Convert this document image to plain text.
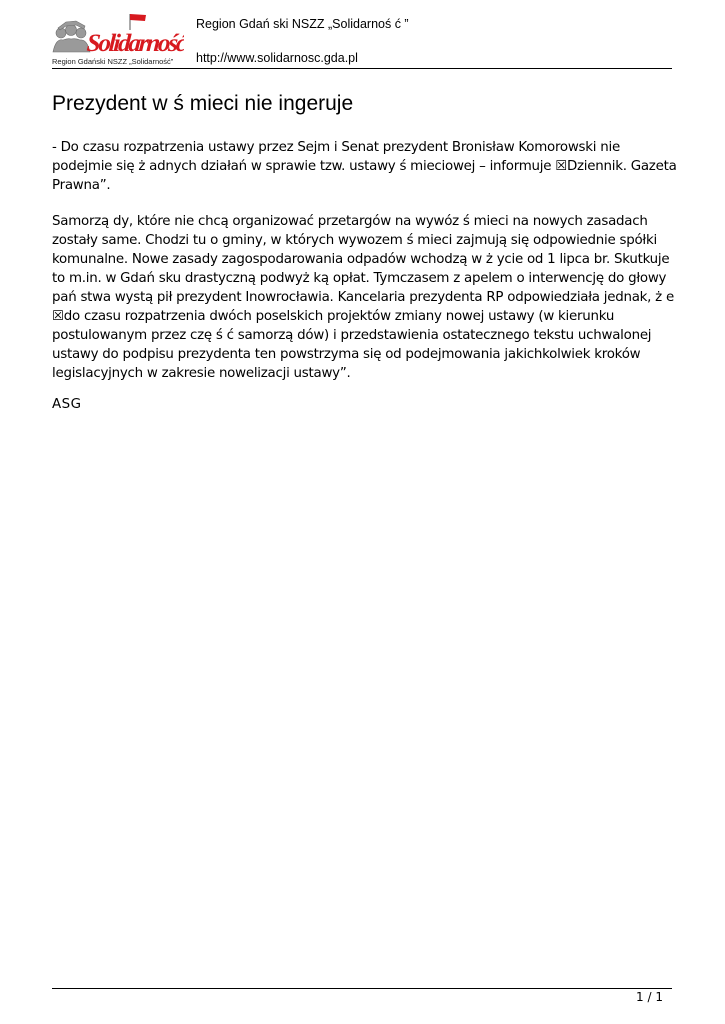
Solidarność
Region Gdański NSZZ „Solidarność”
Region Gdań ski NSZZ „Solidarnoś ć ”
http://www.solidarnosc.gda.pl
Prezydent w ś mieci nie ingeruje
- Do czasu rozpatrzenia ustawy przez Sejm i Senat prezydent Bronisław Komorowski nie
podejmie się ż adnych działań w sprawie tzw. ustawy ś mieciowej – informuje ☒Dziennik. Gazeta
Prawna”.
Samorzą dy, które nie chcą organizować przetargów na wywóz ś mieci na nowych zasadach
zostały same. Chodzi tu o gminy, w których wywozem ś mieci zajmują się odpowiednie spółki
komunalne. Nowe zasady zagospodarowania odpadów wchodzą w ż ycie od 1 lipca br. Skutkuje
to m.in. w Gdań sku drastyczną podwyż ką opłat. Tymczasem z apelem o interwencję do głowy
pań stwa wystą pił prezydent Inowrocławia. Kancelaria prezydenta RP odpowiedziała jednak, ż e
☒do czasu rozpatrzenia dwóch poselskich projektów zmiany nowej ustawy (w kierunku
postulowanym przez czę ś ć samorzą dów) i przedstawienia ostatecznego tekstu uchwalonej
ustawy do podpisu prezydenta ten powstrzyma się od podejmowania jakichkolwiek kroków
legislacyjnych w zakresie nowelizacji ustawy”.
ASG
1 / 1
